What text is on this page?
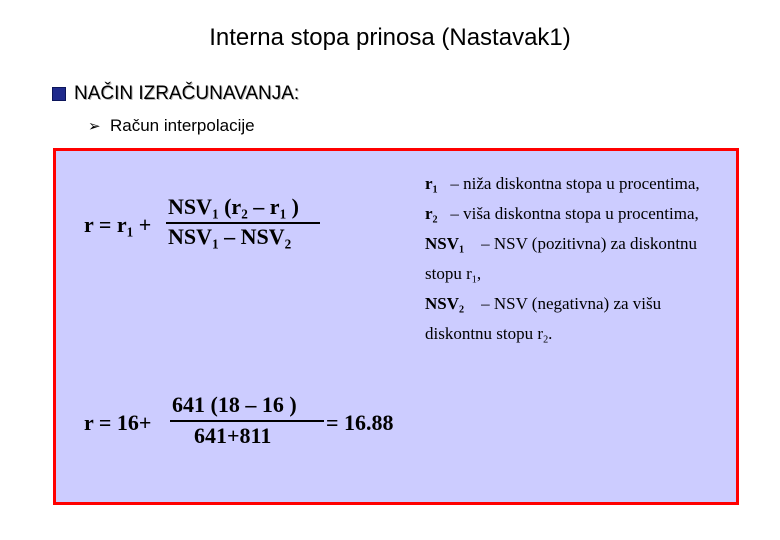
Interna stopa prinosa (Nastavak1)
NAČIN IZRAČUNAVANJA:
➢ Račun interpolacije
$r = r_1$ +
$NSV_1$ ($r_2 - r_1$ )
$NSV_1 - NSV_2$
r = 16+
641 (18 – 16 )
641+811
= 16.88
$r_1$ – niža diskontna stopa u procentima,
$r_2$ – viša diskontna stopa u procentima,
$NSV_1$ – NSV (pozitivna) za diskontnu stopu $r_1$,
$NSV_2$ – NSV (negativna) za višu diskontnu stopu $r_2$.
